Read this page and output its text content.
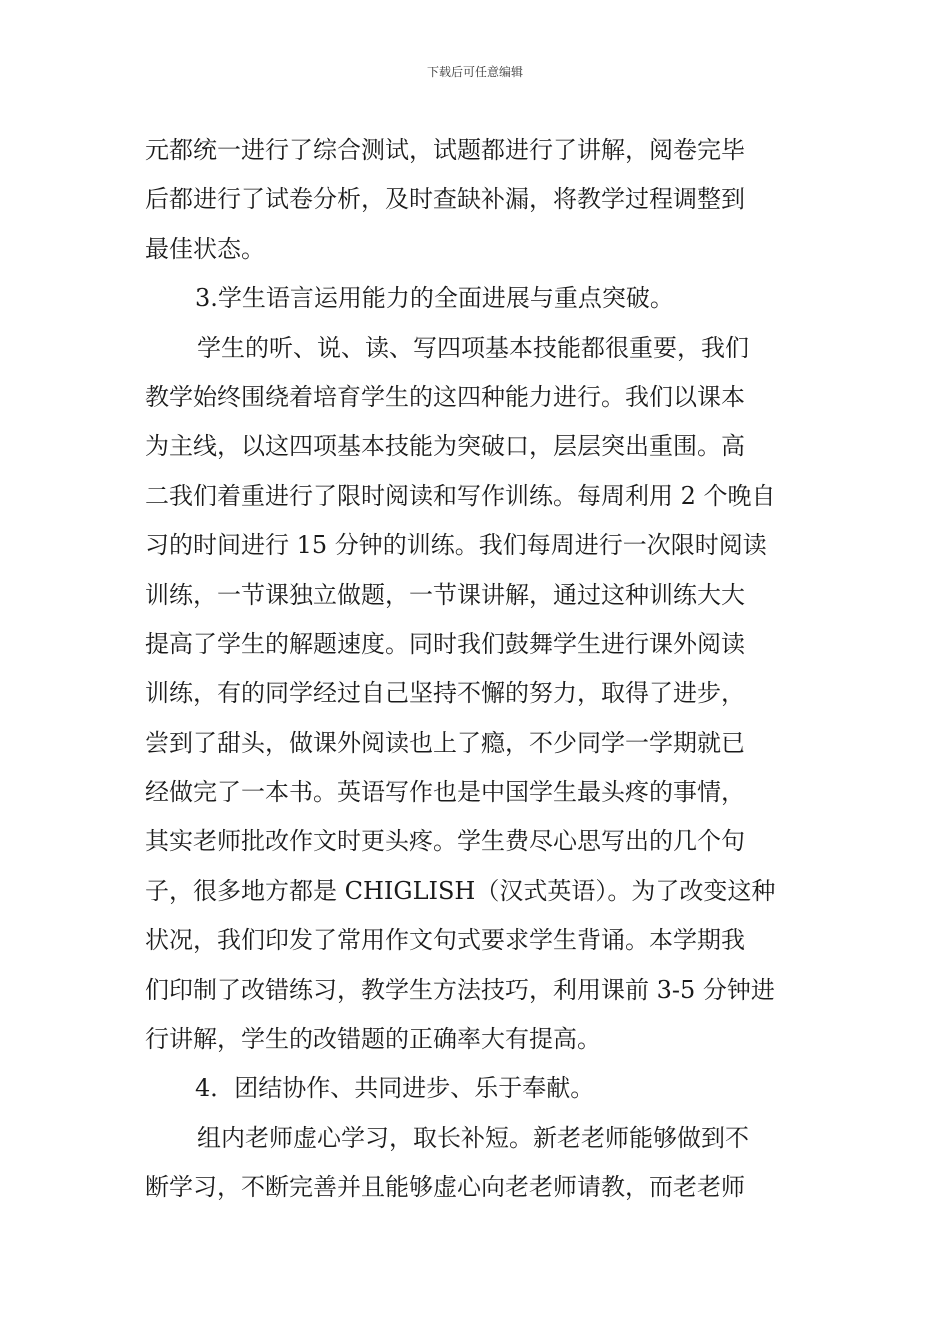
下载后可任意编辑
元都统一进行了综合测试，试题都进行了讲解，阅卷完毕
后都进行了试卷分析，及时查缺补漏，将教学过程调整到
最佳状态。
3.学生语言运用能力的全面进展与重点突破。
学生的听、说、读、写四项基本技能都很重要，我们
教学始终围绕着培育学生的这四种能力进行。我们以课本
为主线，以这四项基本技能为突破口，层层突出重围。高
二我们着重进行了限时阅读和写作训练。每周利用 2 个晚自
习的时间进行 15 分钟的训练。我们每周进行一次限时阅读
训练，一节课独立做题，一节课讲解，通过这种训练大大
提高了学生的解题速度。同时我们鼓舞学生进行课外阅读
训练，有的同学经过自己坚持不懈的努力，取得了进步，
尝到了甜头，做课外阅读也上了瘾，不少同学一学期就已
经做完了一本书。英语写作也是中国学生最头疼的事情，
其实老师批改作文时更头疼。学生费尽心思写出的几个句
子，很多地方都是 CHIGLISH（汉式英语）。为了改变这种
状况，我们印发了常用作文句式要求学生背诵。本学期我
们印制了改错练习，教学生方法技巧，利用课前 3-5 分钟进
行讲解，学生的改错题的正确率大有提高。
4．团结协作、共同进步、乐于奉献。
组内老师虚心学习，取长补短。新老老师能够做到不
断学习，不断完善并且能够虚心向老老师请教，而老老师
